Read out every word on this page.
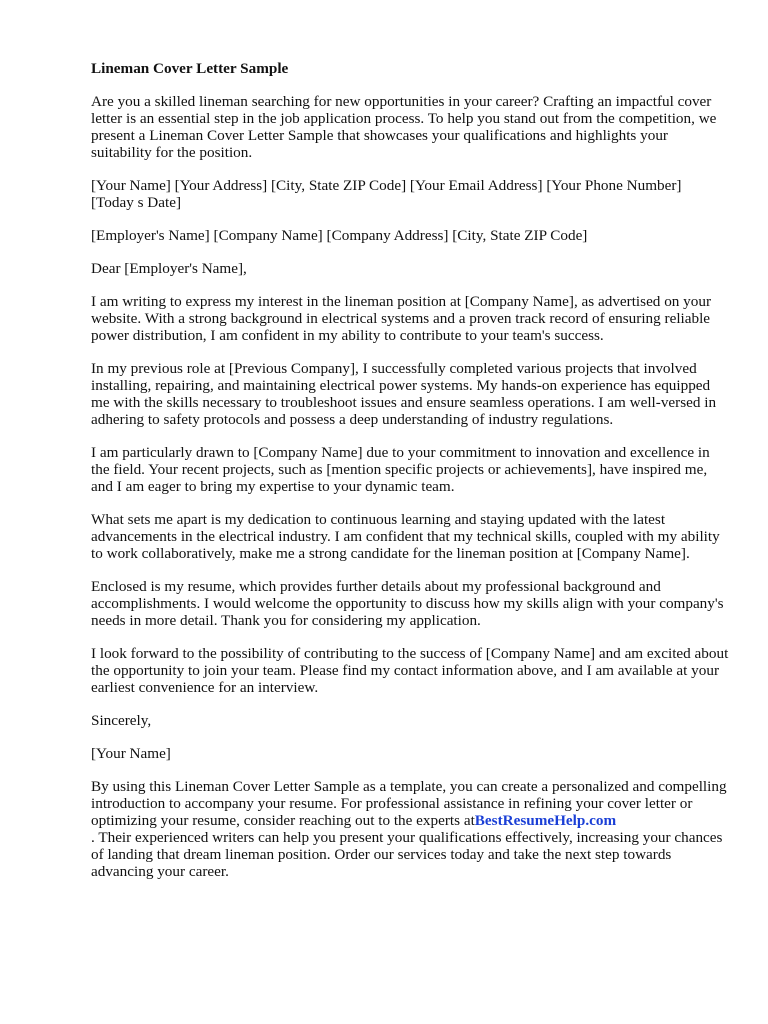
Lineman Cover Letter Sample

Are you a skilled lineman searching for new opportunities in your career? Crafting an impactful cover letter is an essential step in the job application process. To help you stand out from the competition, we present a Lineman Cover Letter Sample that showcases your qualifications and highlights your suitability for the position.

[Your Name] [Your Address] [City, State ZIP Code] [Your Email Address] [Your Phone Number]
[Today s Date]

[Employer's Name] [Company Name] [Company Address] [City, State ZIP Code]

Dear [Employer's Name],

I am writing to express my interest in the lineman position at [Company Name], as advertised on your website. With a strong background in electrical systems and a proven track record of ensuring reliable power distribution, I am confident in my ability to contribute to your team's success.

In my previous role at [Previous Company], I successfully completed various projects that involved installing, repairing, and maintaining electrical power systems. My hands-on experience has equipped me with the skills necessary to troubleshoot issues and ensure seamless operations. I am well-versed in adhering to safety protocols and possess a deep understanding of industry regulations.

I am particularly drawn to [Company Name] due to your commitment to innovation and excellence in the field. Your recent projects, such as [mention specific projects or achievements], have inspired me, and I am eager to bring my expertise to your dynamic team.

What sets me apart is my dedication to continuous learning and staying updated with the latest advancements in the electrical industry. I am confident that my technical skills, coupled with my ability to work collaboratively, make me a strong candidate for the lineman position at [Company Name].

Enclosed is my resume, which provides further details about my professional background and accomplishments. I would welcome the opportunity to discuss how my skills align with your company's needs in more detail. Thank you for considering my application.

I look forward to the possibility of contributing to the success of [Company Name] and am excited about the opportunity to join your team. Please find my contact information above, and I am available at your earliest convenience for an interview.

Sincerely,

[Your Name]

By using this Lineman Cover Letter Sample as a template, you can create a personalized and compelling introduction to accompany your resume. For professional assistance in refining your cover letter or optimizing your resume, consider reaching out to the experts atBestResumeHelp.com
. Their experienced writers can help you present your qualifications effectively, increasing your chances of landing that dream lineman position. Order our services today and take the next step towards advancing your career.
